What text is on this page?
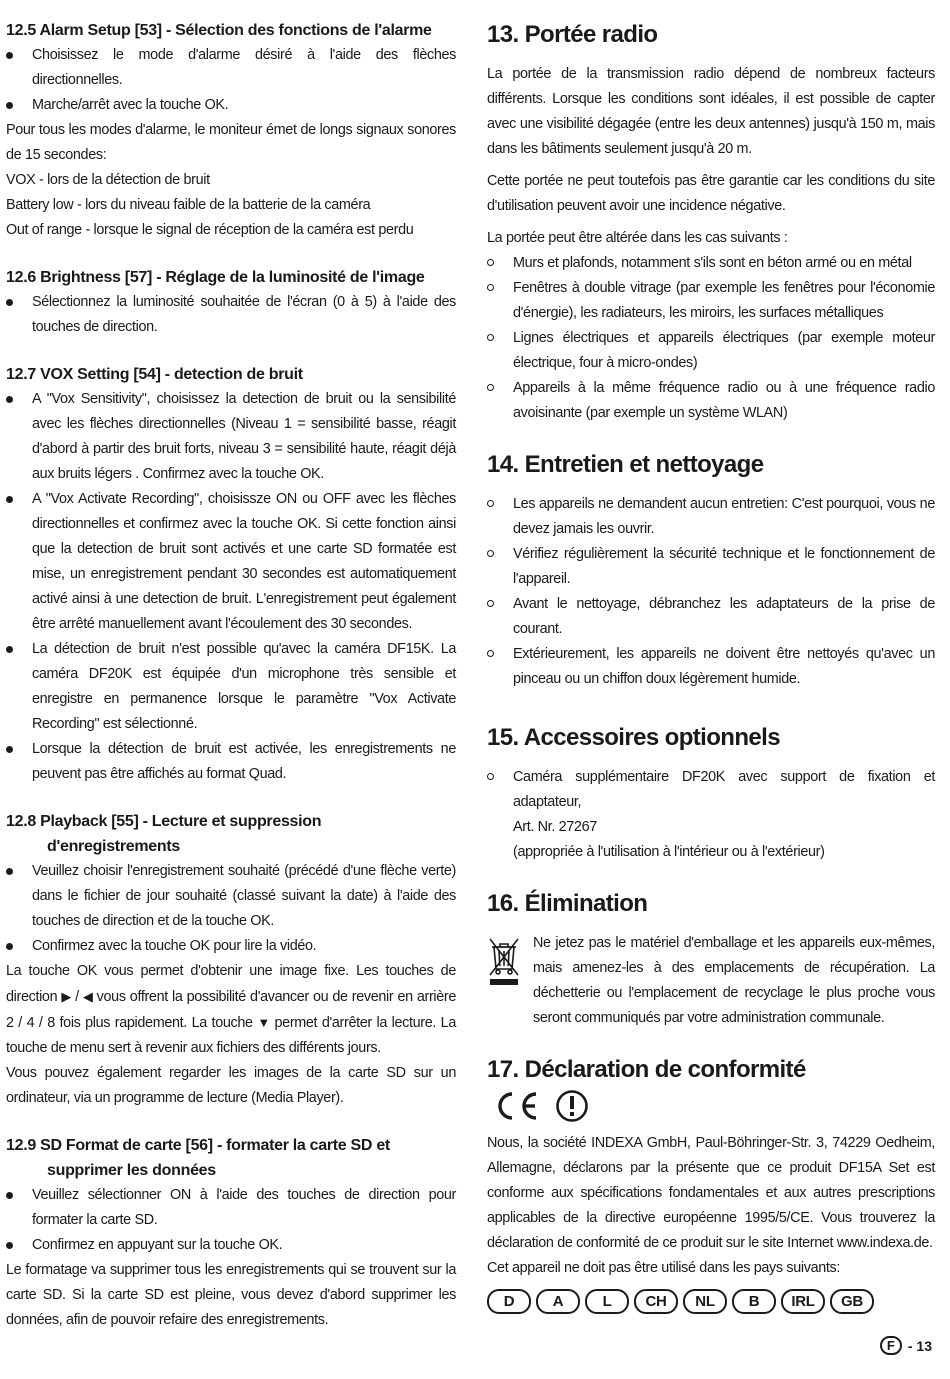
12.5 Alarm Setup [53] - Sélection des fonctions de l'alarme
Choisissez le mode d'alarme désiré à l'aide des flèches directionnelles.
Marche/arrêt avec la touche OK.

Pour tous les modes d'alarme, le moniteur émet de longs signaux sonores de 15 secondes:

VOX - lors de la détection de bruit

Battery low - lors du niveau faible de la batterie de la caméra

Out of range - lorsque le signal de réception de la caméra est perdu

12.6 Brightness [57] - Réglage de la luminosité de l'image
Sélectionnez la luminosité souhaitée de l'écran (0 à 5) à l'aide des touches de direction.
12.7 VOX Setting [54] - detection de bruit
A "Vox Sensitivity", choisissez la detection de bruit ou la sensibilité avec les flèches directionnelles (Niveau 1 = sensibilité basse, réagit d'abord à partir des bruit forts, niveau 3 = sensibilité haute, réagit déjà aux bruits légers . Confirmez avec la touche OK.
A "Vox Activate Recording", choisissze ON ou OFF avec les flèches directionnelles et confirmez avec la touche OK. Si cette fonction ainsi que la detection de bruit sont activés et une carte SD formatée est mise, un enregistrement pendant 30 secondes est automatiquement activé ainsi à une detection de bruit. L'enregistrement peut également être arrêté manuellement avant l'écoulement des 30 secondes.
La détection de bruit n'est possible qu'avec la caméra DF15K. La caméra DF20K est équipée d'un microphone très sensible et enregistre en permanence lorsque le paramètre "Vox Activate Recording" est sélectionné.
Lorsque la détection de bruit est activée, les enregistrements ne peuvent pas être affichés au format Quad.
12.8 Playback [55] - Lecture et suppression
d'enregistrements
Veuillez choisir l'enregistrement souhaité (précédé d'une flèche verte) dans le fichier de jour souhaité (classé suivant la date) à l'aide des touches de direction et de la touche OK.
Confirmez avec la touche OK pour lire la vidéo.

La touche OK vous permet d'obtenir une image fixe. Les touches de direction ▶ / ◀ vous offrent la possibilité d'avancer ou de revenir en arrière 2 / 4 / 8 fois plus rapidement. La touche ▼ permet d'arrêter la lecture. La touche de menu sert à revenir aux fichiers des différents jours.

Vous pouvez également regarder les images de la carte SD sur un ordinateur, via un programme de lecture (Media Player).

12.9 SD Format de carte [56] - formater la carte SD et
supprimer les données
Veuillez sélectionner ON à l'aide des touches de direction pour formater la carte SD.
Confirmez en appuyant sur la touche OK.

Le formatage va supprimer tous les enregistrements qui se trouvent sur la carte SD. Si la carte SD est pleine, vous devez d'abord supprimer les données, afin de pouvoir refaire des enregistrements.

13. Portée radio

La portée de la transmission radio dépend de nombreux facteurs différents. Lorsque les conditions sont idéales, il est possible de capter avec une visibilité dégagée (entre les deux antennes) jusqu'à 150 m, mais dans les bâtiments seulement jusqu'à 20 m.

Cette portée ne peut toutefois pas être garantie car les conditions du site d'utilisation peuvent avoir une incidence négative.

La portée peut être altérée dans les cas suivants :

Murs et plafonds, notamment s'ils sont en béton armé ou en métal
Fenêtres à double vitrage (par exemple les fenêtres pour l'économie d'énergie), les radiateurs, les miroirs, les surfaces métalliques
Lignes électriques et appareils électriques (par exemple moteur électrique, four à micro-ondes)
Appareils à la même fréquence radio ou à une fréquence radio avoisinante (par exemple un système WLAN)
14. Entretien et nettoyage
Les appareils ne demandent aucun entretien: C'est pourquoi, vous ne devez jamais les ouvrir.
Vérifiez régulièrement la sécurité technique et le fonctionnement de l'appareil.
Avant le nettoyage, débranchez les adaptateurs de la prise de courant.
Extérieurement, les appareils ne doivent être nettoyés qu'avec un pinceau ou un chiffon doux légèrement humide.
15. Accessoires optionnels
Caméra supplémentaire DF20K avec support de fixation et adaptateur,
Art. Nr. 27267
(appropriée à l'utilisation à l'intérieur ou à l'extérieur)
16. Élimination

Ne jetez pas le matériel d'emballage et les appareils eux-mêmes, mais amenez-les à des emplacements de récupération. La déchetterie ou l'emplacement de recyclage le plus proche vous seront communiqués par votre administration communale.

17. Déclaration de conformité

Nous, la société INDEXA GmbH, Paul-Böhringer-Str. 3, 74229 Oedheim, Allemagne, déclarons par la présente que ce produit DF15A Set est conforme aux spécifications fondamentales et aux autres prescriptions applicables de la directive européenne 1995/5/CE. Vous trouverez la déclaration de conformité de ce produit sur le site Internet www.indexa.de.

Cet appareil ne doit pas être utilisé dans les pays suivants:

D	A	L	CH	NL	B	IRL	GB
F - 13
